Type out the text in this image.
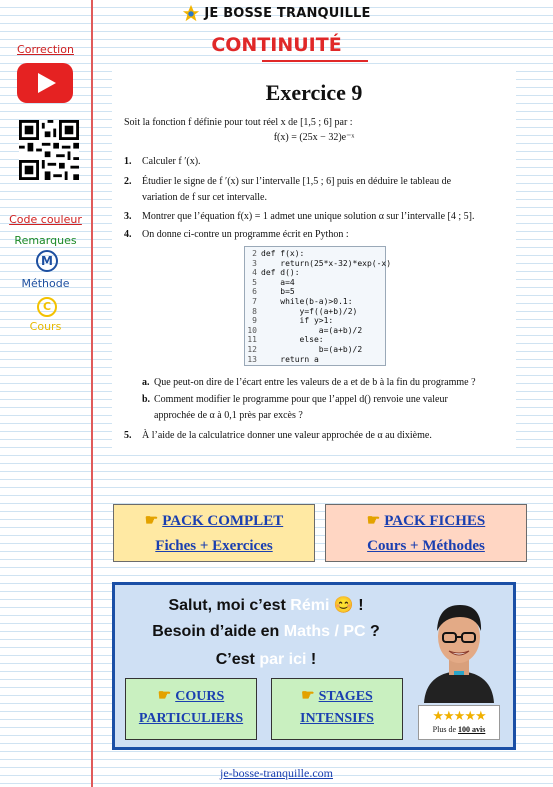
JE BOSSE TRANQUILLE
CONTINUITÉ
Correction
Code couleur
Remarques
M
Méthode
C
Cours
Exercice 9
Soit la fonction f définie pour tout réel x de [1,5 ; 6] par :
f(x) = (25x − 32)e⁻ˣ
1. Calculer f ′(x).
2. Étudier le signe de f ′(x) sur l’intervalle [1,5 ; 6] puis en déduire le tableau de
variation de f sur cet intervalle.
3. Montrer que l’équation f(x) = 1 admet une unique solution α sur l’intervalle [4 ; 5].
4. On donne ci-contre un programme écrit en Python :
2 def f(x):
3    return(25*x-32)*exp(-x)
4 def d():
5    a=4
6    b=5
7    while(b-a)>0.1:
8        y=f((a+b)/2)
9        if y>1:
10            a=(a+b)/2
11        else:
12            b=(a+b)/2
13    return a
a. Que peut-on dire de l’écart entre les valeurs de a et de b à la fin du programme ?
b. Comment modifier le programme pour que l’appel d() renvoie une valeur
approchée de α à 0,1 près par excès ?
5. À l’aide de la calculatrice donner une valeur approchée de α au dixième.
☛ PACK COMPLET
Fiches + Exercices
☛ PACK FICHES
Cours + Méthodes
Salut, moi c’est Rémi 😊 !
Besoin d’aide en Maths / PC ?
C’est par ici !
☛ COURS
PARTICULIERS
☛ STAGES
INTENSIFS	★★★★★
Plus de 100 avis
je-bosse-tranquille.com
